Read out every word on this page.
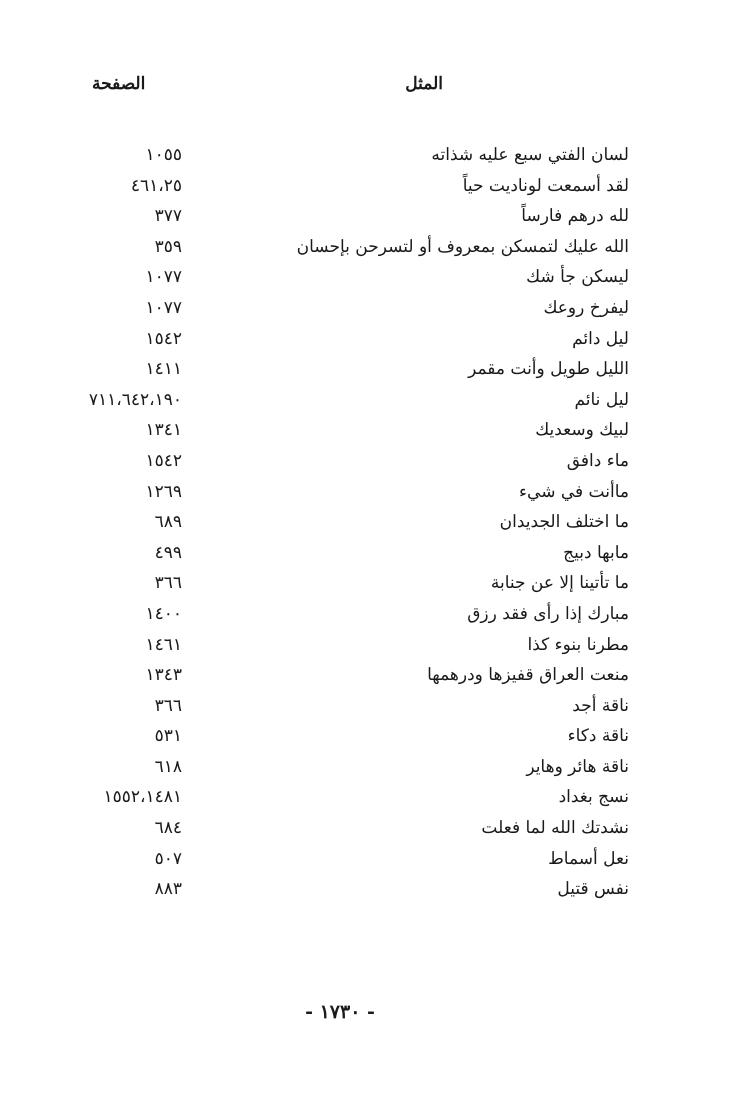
المثل
الصفحة
لسان الفتي سبع عليه شذاته
١٠٥٥
لقد أسمعت لوناديت حياً
٤٦١،٢٥
لله درهم فارساً
٣٧٧
الله عليك لتمسكن بمعروف أو لتسرحن بإحسان
٣٥٩
ليسكن جأ شك
١٠٧٧
ليفرخ روعك
١٠٧٧
ليل دائم
١٥٤٢
الليل طويل وأنت مقمر
١٤١١
ليل نائم
٧١١،٦٤٢،١٩٠
لبيك وسعديك
١٣٤١
ماء دافق
١٥٤٢
ماأنت في شيء
١٢٦٩
ما اختلف الجديدان
٦٨٩
مابها دبيج
٤٩٩
ما تأتينا إلا عن جنابة
٣٦٦
مبارك إذا رأى فقد رزق
١٤٠٠
مطرنا بنوء كذا
١٤٦١
منعت العراق قفيزها ودرهمها
١٣٤٣
ناقة أجد
٣٦٦
ناقة دكاء
٥٣١
ناقة هائر وهاير
٦١٨
نسج بغداد
١٥٥٢،١٤٨١
نشدتك الله لما فعلت
٦٨٤
نعل أسماط
٥٠٧
نفس قتيل
٨٨٣
- ١٧٣٠ -
